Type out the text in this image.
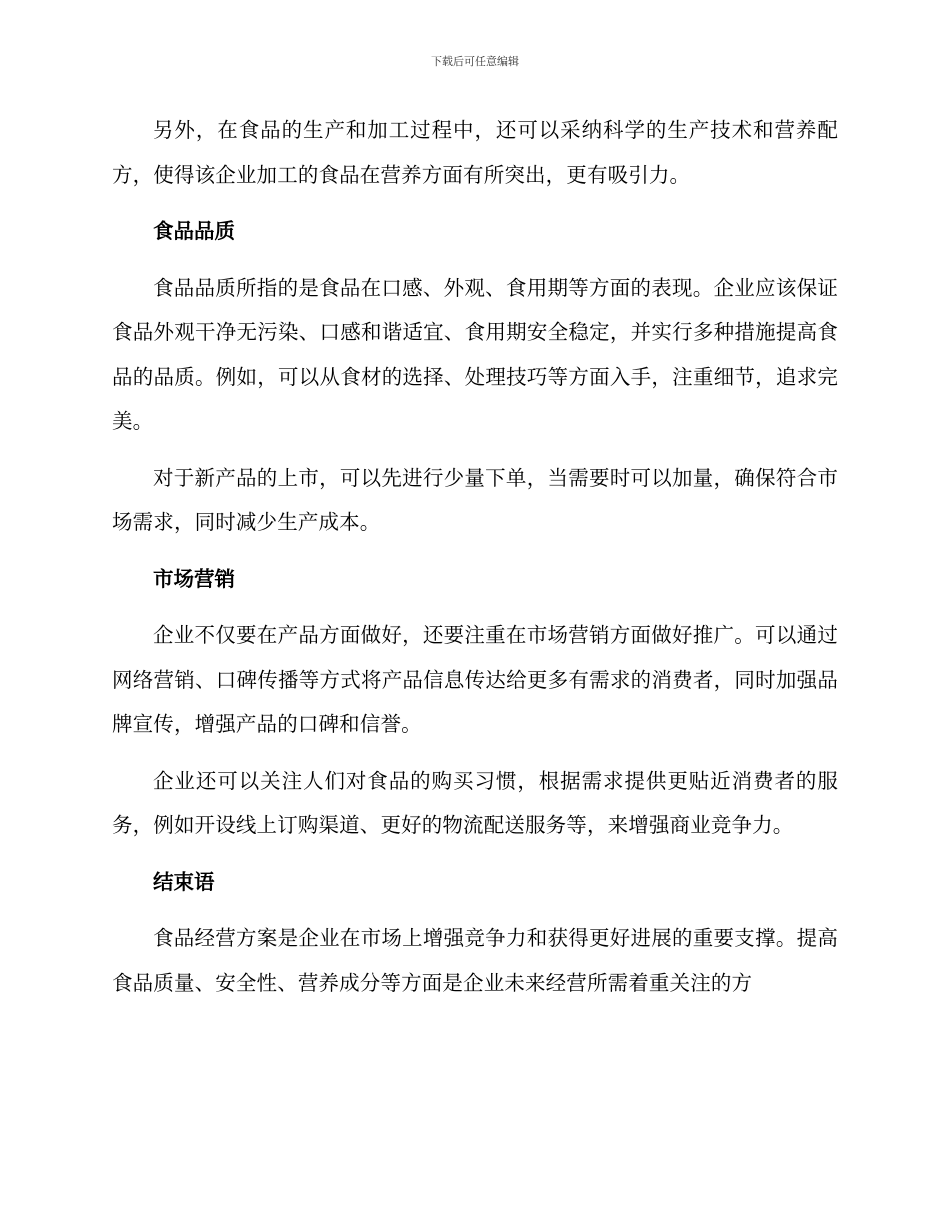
下载后可任意编辑

另外，在食品的生产和加工过程中，还可以采纳科学的生产技术和营养配方，使得该企业加工的食品在营养方面有所突出，更有吸引力。

食品品质

食品品质所指的是食品在口感、外观、食用期等方面的表现。企业应该保证食品外观干净无污染、口感和谐适宜、食用期安全稳定，并实行多种措施提高食品的品质。例如，可以从食材的选择、处理技巧等方面入手，注重细节，追求完美。

对于新产品的上市，可以先进行少量下单，当需要时可以加量，确保符合市场需求，同时减少生产成本。

市场营销

企业不仅要在产品方面做好，还要注重在市场营销方面做好推广。可以通过网络营销、口碑传播等方式将产品信息传达给更多有需求的消费者，同时加强品牌宣传，增强产品的口碑和信誉。

企业还可以关注人们对食品的购买习惯，根据需求提供更贴近消费者的服务，例如开设线上订购渠道、更好的物流配送服务等，来增强商业竞争力。

结束语

食品经营方案是企业在市场上增强竞争力和获得更好进展的重要支撑。提高食品质量、安全性、营养成分等方面是企业未来经营所需着重关注的方
